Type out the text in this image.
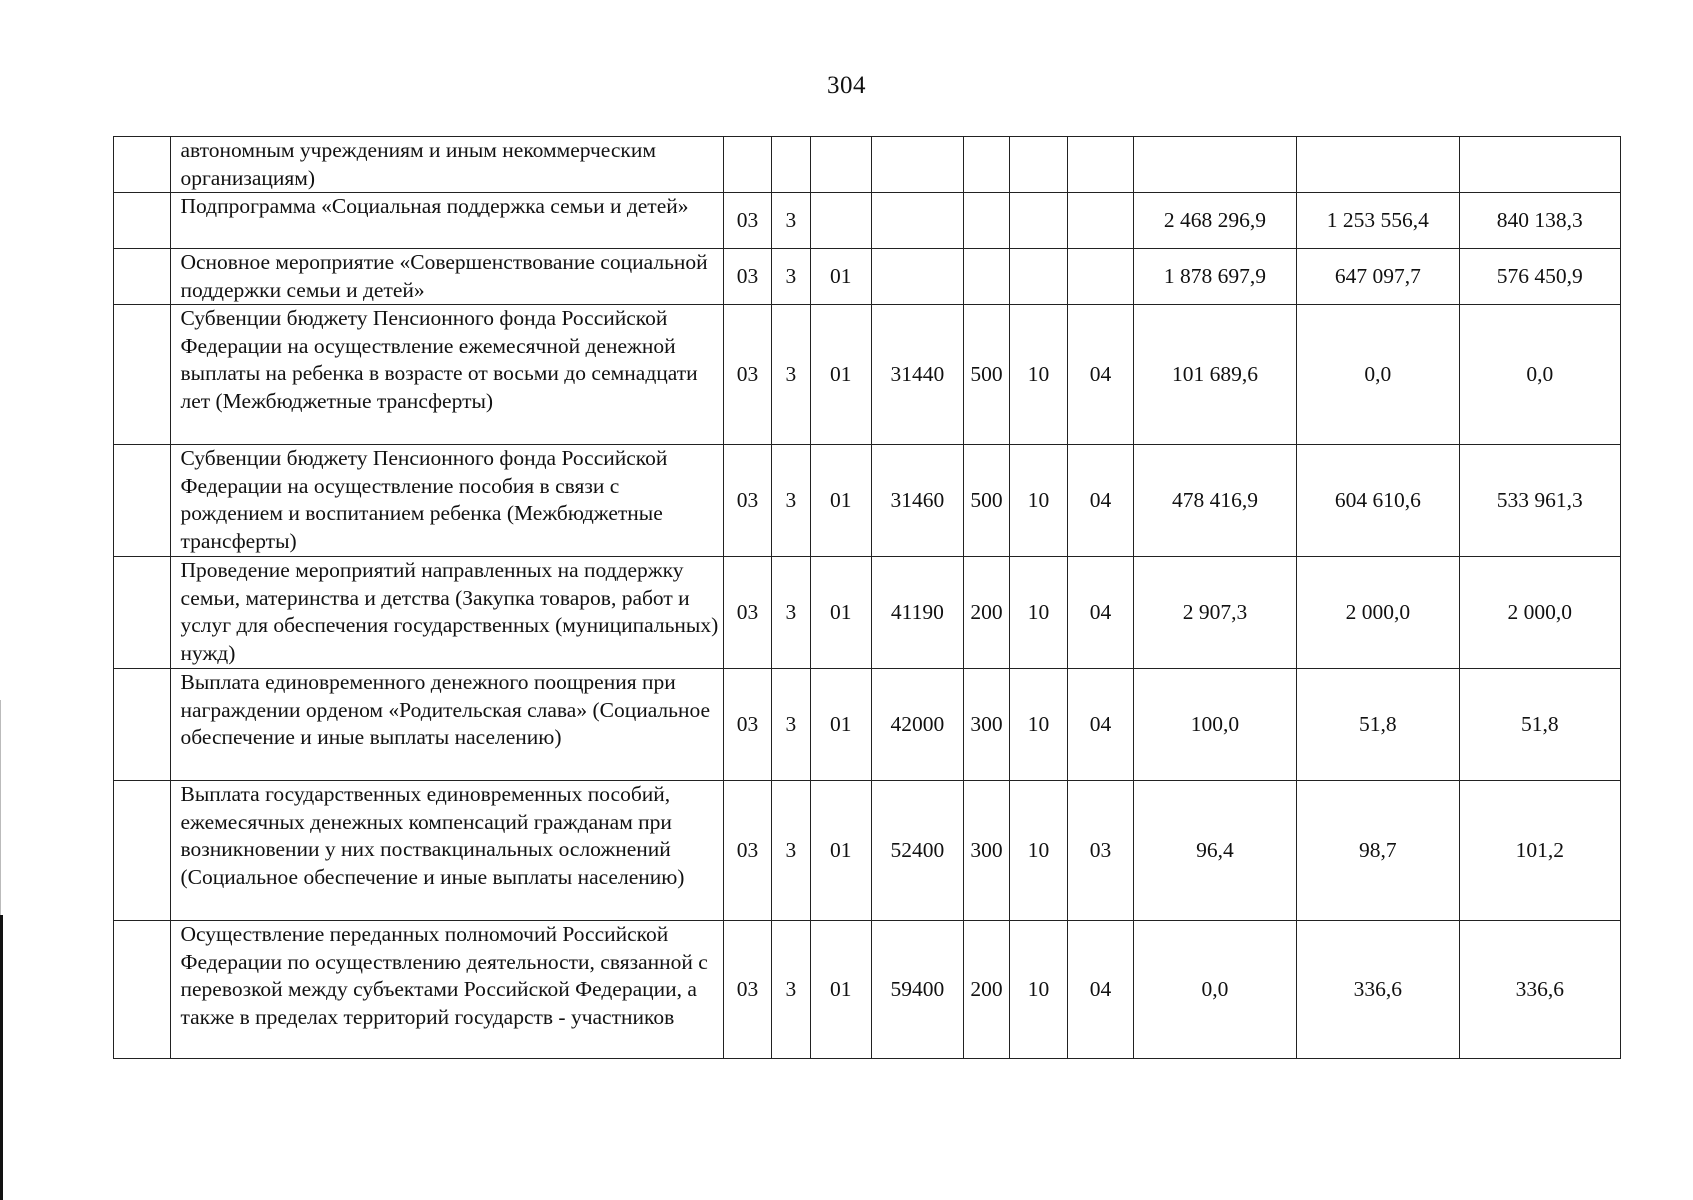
304
	автономным учреждениям и иным некоммерческим организациям)										
	Подпрограмма «Социальная поддержка семьи и детей»	03	3						2 468 296,9	1 253 556,4	840 138,3
	Основное мероприятие «Совершенствование социальной поддержки семьи и детей»	03	3	01					1 878 697,9	647 097,7	576 450,9
	Субвенции бюджету Пенсионного фонда Российской Федерации на осуществление ежемесячной денежной выплаты на ребенка в возрасте от восьми до семнадцати лет (Межбюджетные трансферты)	03	3	01	31440	500	10	04	101 689,6	0,0	0,0
	Субвенции бюджету Пенсионного фонда Российской Федерации на осуществление пособия в связи с рождением и воспитанием ребенка (Межбюджетные трансферты)	03	3	01	31460	500	10	04	478 416,9	604 610,6	533 961,3
	Проведение мероприятий направленных на поддержку семьи, материнства и детства (Закупка товаров, работ и услуг для обеспечения государственных (муниципальных) нужд)	03	3	01	41190	200	10	04	2 907,3	2 000,0	2 000,0
	Выплата единовременного денежного поощрения при награждении орденом «Родительская слава» (Социальное обеспечение и иные выплаты населению)	03	3	01	42000	300	10	04	100,0	51,8	51,8
	Выплата государственных единовременных пособий, ежемесячных денежных компенсаций гражданам при возникновении у них поствакцинальных осложнений (Социальное обеспечение и иные выплаты населению)	03	3	01	52400	300	10	03	96,4	98,7	101,2
	Осуществление переданных полномочий Российской Федерации по осуществлению деятельности, связанной с перевозкой между субъектами Российской Федерации, а также в пределах территорий государств - участников	03	3	01	59400	200	10	04	0,0	336,6	336,6
